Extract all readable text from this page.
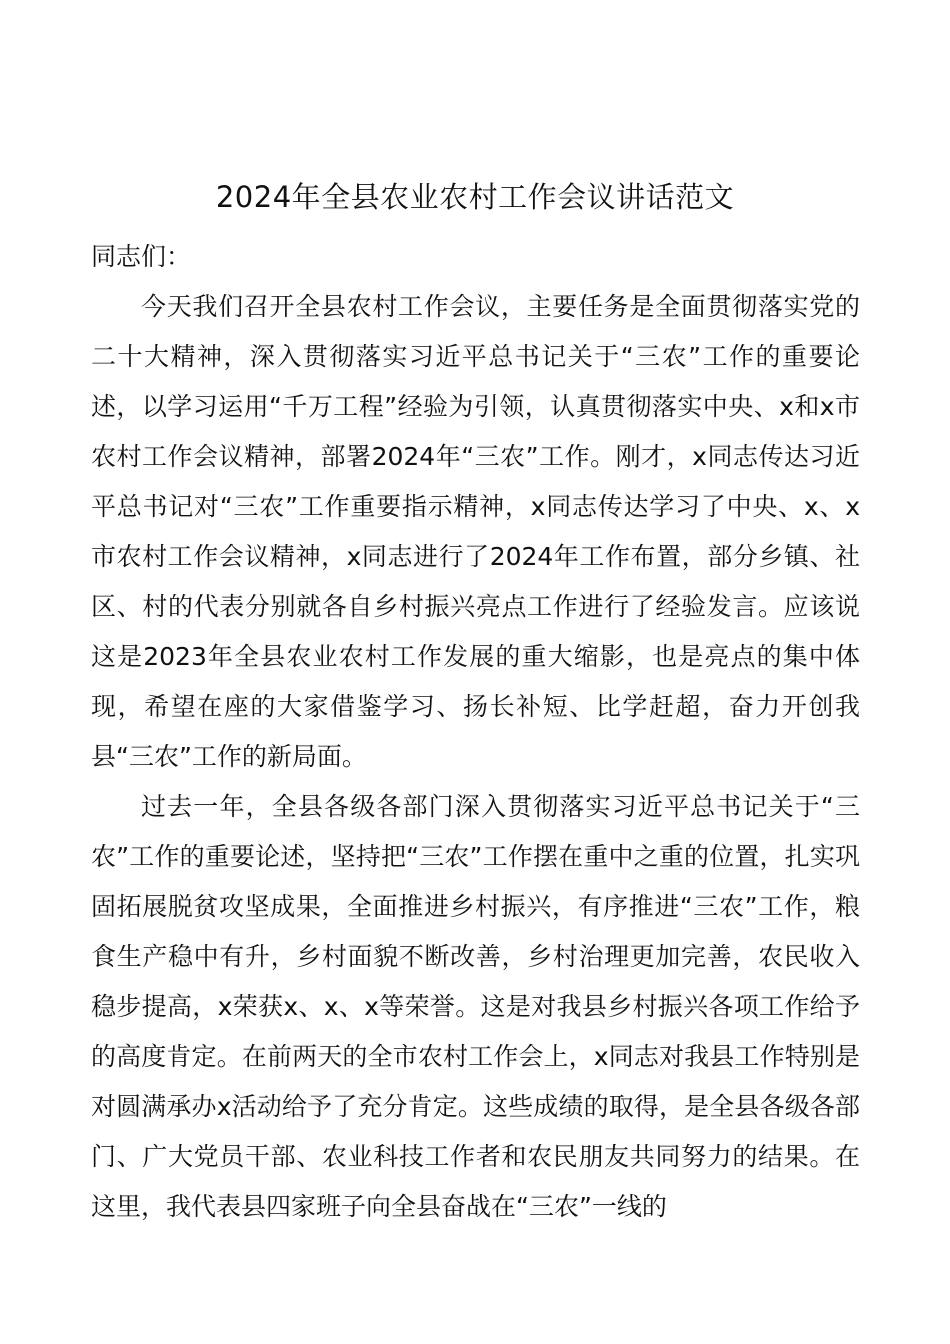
2024年全县农业农村工作会议讲话范文

同志们：

今天我们召开全县农村工作会议，主要任务是全面贯彻落实党的二十大精神，深入贯彻落实习近平总书记关于“三农”工作的重要论述，以学习运用“千万工程”经验为引领，认真贯彻落实中央、x和x市农村工作会议精神，部署2024年“三农”工作。刚才，x同志传达习近平总书记对“三农”工作重要指示精神，x同志传达学习了中央、x、x市农村工作会议精神，x同志进行了2024年工作布置，部分乡镇、社区、村的代表分别就各自乡村振兴亮点工作进行了经验发言。应该说这是2023年全县农业农村工作发展的重大缩影，也是亮点的集中体现，希望在座的大家借鉴学习、扬长补短、比学赶超，奋力开创我县“三农”工作的新局面。

过去一年，全县各级各部门深入贯彻落实习近平总书记关于“三农”工作的重要论述，坚持把“三农”工作摆在重中之重的位置，扎实巩固拓展脱贫攻坚成果，全面推进乡村振兴，有序推进“三农”工作，粮食生产稳中有升，乡村面貌不断改善，乡村治理更加完善，农民收入稳步提高，x荣获x、x、x等荣誉。这是对我县乡村振兴各项工作给予的高度肯定。在前两天的全市农村工作会上，x同志对我县工作特别是对圆满承办x活动给予了充分肯定。这些成绩的取得，是全县各级各部门、广大党员干部、农业科技工作者和农民朋友共同努力的结果。在这里，我代表县四家班子向全县奋战在“三农”一线的
